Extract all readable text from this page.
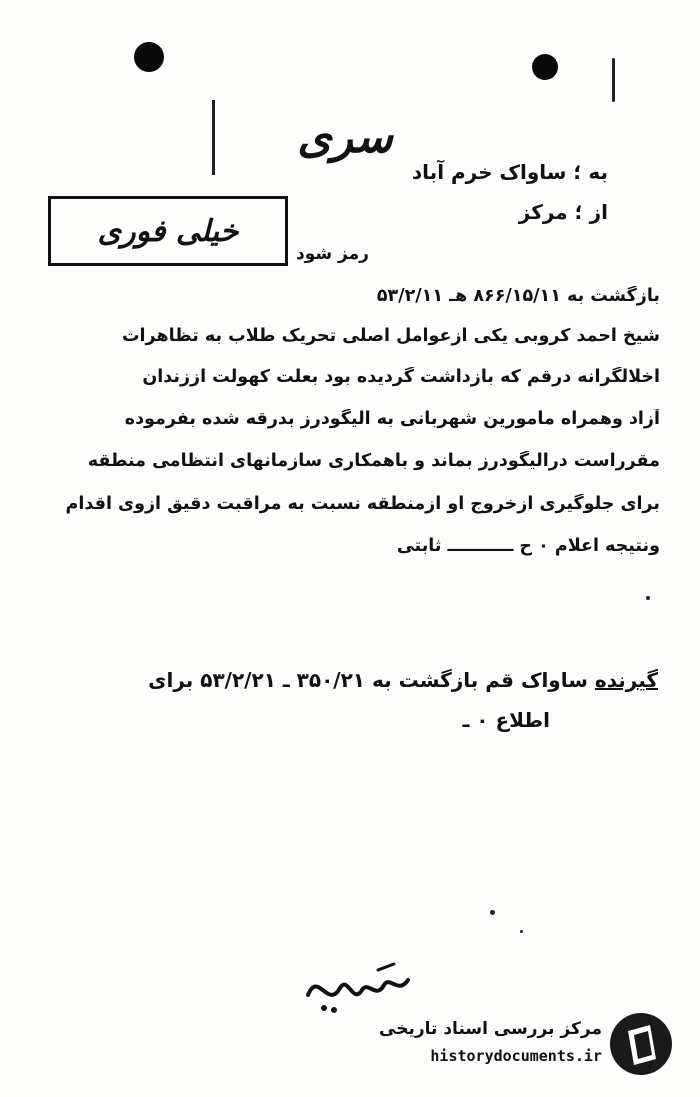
سری
به ؛ ساواک خرم آباد
از ؛ مرکز
خیلی فوری
رمز شود
بازگشت به ۸۶۶/۱۵/۱۱ ه‍ـ ۵۳/۲/۱۱
شیخ احمد کروبی یکی ازعوامل اصلی تحریک طلاب به تظاهرات
اخلالگرانه درقم که بازداشت گردیده بود بعلت کهولت اززندان
آزاد وهمراه مامورین شهربانی به الیگودرز بدرقه شده بفرموده
مقرراست درالیگودرز بماند و باهمکاری سازمانهای انتظامی منطقه
برای جلوگیری ازخروج او ازمنطقه نسبت به مراقبت دقیق ازوی اقدام
ونتیجه اعلام ۰ ح ـــــــــــ ثابتی
گیرنده ساواک قم بازگشت به ۳۵۰/۲۱ ـ ۵۳/۲/۲۱ برای
اطلاع ۰ ـ
مرکز بررسی اسناد تاریخی
historydocuments.ir
